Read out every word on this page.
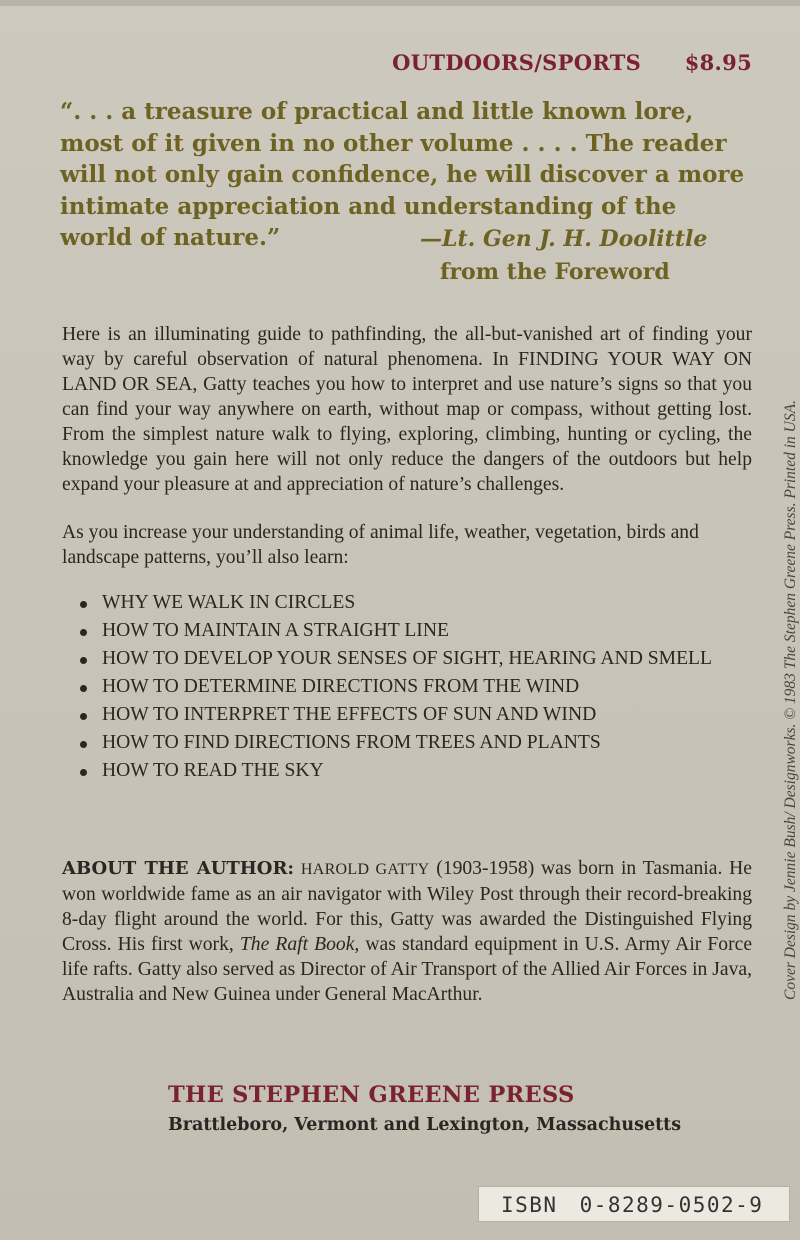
OUTDOORS/SPORTS $8.95
“. . . a treasure of practical and little known lore, most of it given in no other volume . . . . The reader will not only gain confidence, he will discover a more intimate appreciation and understanding of the world of nature.”	—Lt. Gen J. H. Doolittle
from the Foreword
Here is an illuminating guide to pathfinding, the all-but-vanished art of finding your way by careful observation of natural phenomena. In FINDING YOUR WAY ON LAND OR SEA, Gatty teaches you how to interpret and use nature’s signs so that you can find your way anywhere on earth, without map or compass, without getting lost. From the simplest nature walk to flying, exploring, climbing, hunting or cycling, the knowledge you gain here will not only reduce the dangers of the outdoors but help expand your pleasure at and appreciation of nature’s challenges.
As you increase your understanding of animal life, weather, vegetation, birds and landscape patterns, you’ll also learn:
WHY WE WALK IN CIRCLES
HOW TO MAINTAIN A STRAIGHT LINE
HOW TO DEVELOP YOUR SENSES OF SIGHT, HEARING AND SMELL
HOW TO DETERMINE DIRECTIONS FROM THE WIND
HOW TO INTERPRET THE EFFECTS OF SUN AND WIND
HOW TO FIND DIRECTIONS FROM TREES AND PLANTS
HOW TO READ THE SKY
ABOUT THE AUTHOR: HAROLD GATTY (1903-1958) was born in Tasmania. He won worldwide fame as an air navigator with Wiley Post through their record-breaking 8-day flight around the world. For this, Gatty was awarded the Distinguished Flying Cross. His first work, The Raft Book, was standard equipment in U.S. Army Air Force life rafts. Gatty also served as Director of Air Transport of the Allied Air Forces in Java, Australia and New Guinea under General MacArthur.
THE STEPHEN GREENE PRESS
Brattleboro, Vermont and Lexington, Massachusetts
Cover Design by Jennie Bush/ Designworks. © 1983 The Stephen Greene Press. Printed in USA.
ISBN 0-8289-0502-9
